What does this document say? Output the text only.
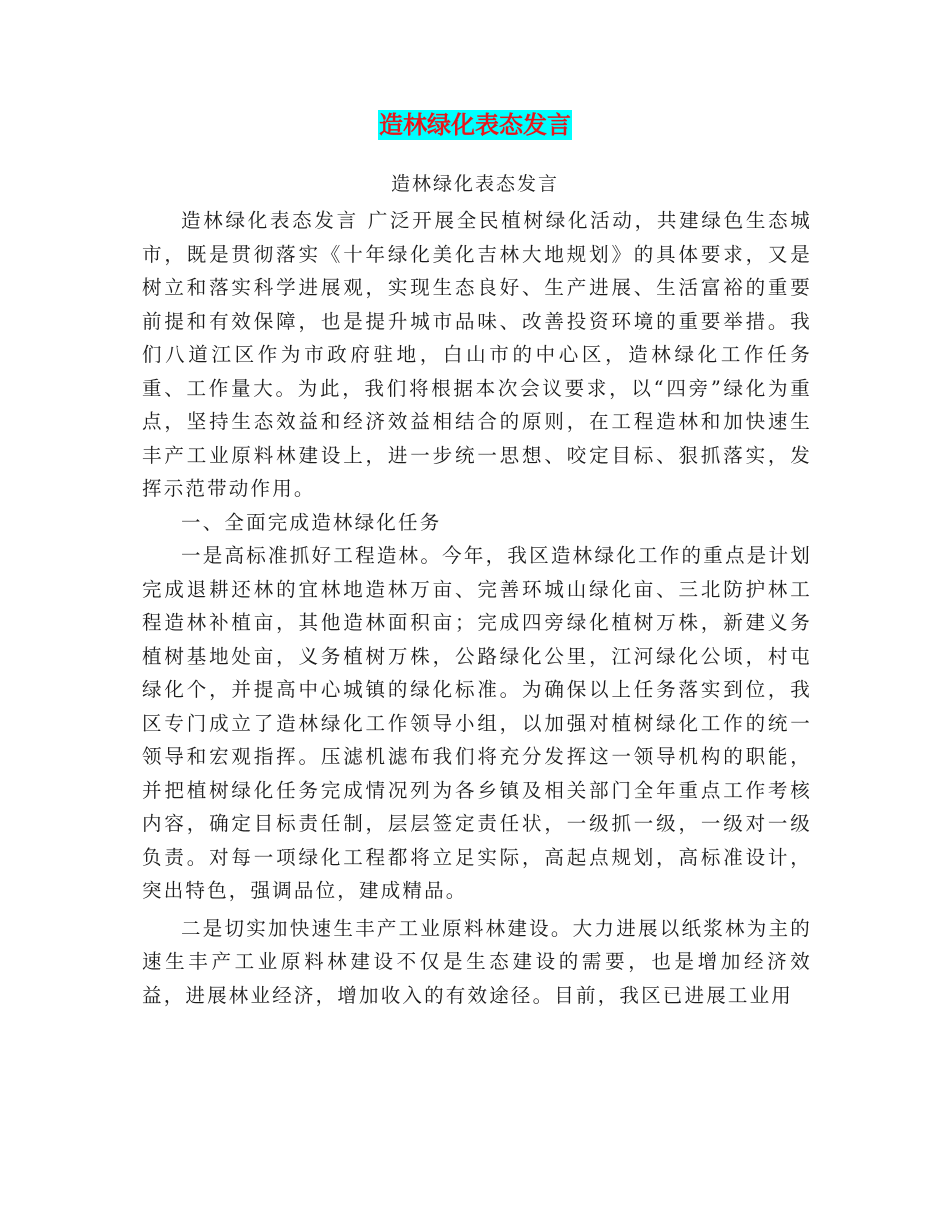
造林绿化表态发言
造林绿化表态发言

造林绿化表态发言 广泛开展全民植树绿化活动，共建绿色生态城市，既是贯彻落实《十年绿化美化吉林大地规划》的具体要求，又是树立和落实科学进展观，实现生态良好、生产进展、生活富裕的重要前提和有效保障，也是提升城市品味、改善投资环境的重要举措。我们八道江区作为市政府驻地，白山市的中心区，造林绿化工作任务重、工作量大。为此，我们将根据本次会议要求，以“四旁”绿化为重点，坚持生态效益和经济效益相结合的原则，在工程造林和加快速生丰产工业原料林建设上，进一步统一思想、咬定目标、狠抓落实，发挥示范带动作用。

一、全面完成造林绿化任务

一是高标准抓好工程造林。今年，我区造林绿化工作的重点是计划完成退耕还林的宜林地造林万亩、完善环城山绿化亩、三北防护林工程造林补植亩，其他造林面积亩；完成四旁绿化植树万株，新建义务植树基地处亩，义务植树万株，公路绿化公里，江河绿化公顷，村屯绿化个，并提高中心城镇的绿化标准。为确保以上任务落实到位，我区专门成立了造林绿化工作领导小组，以加强对植树绿化工作的统一领导和宏观指挥。压滤机滤布我们将充分发挥这一领导机构的职能，并把植树绿化任务完成情况列为各乡镇及相关部门全年重点工作考核内容，确定目标责任制，层层签定责任状，一级抓一级，一级对一级负责。对每一项绿化工程都将立足实际，高起点规划，高标准设计，突出特色，强调品位，建成精品。

二是切实加快速生丰产工业原料林建设。大力进展以纸浆林为主的速生丰产工业原料林建设不仅是生态建设的需要，也是增加经济效益，进展林业经济，增加收入的有效途径。目前，我区已进展工业用
